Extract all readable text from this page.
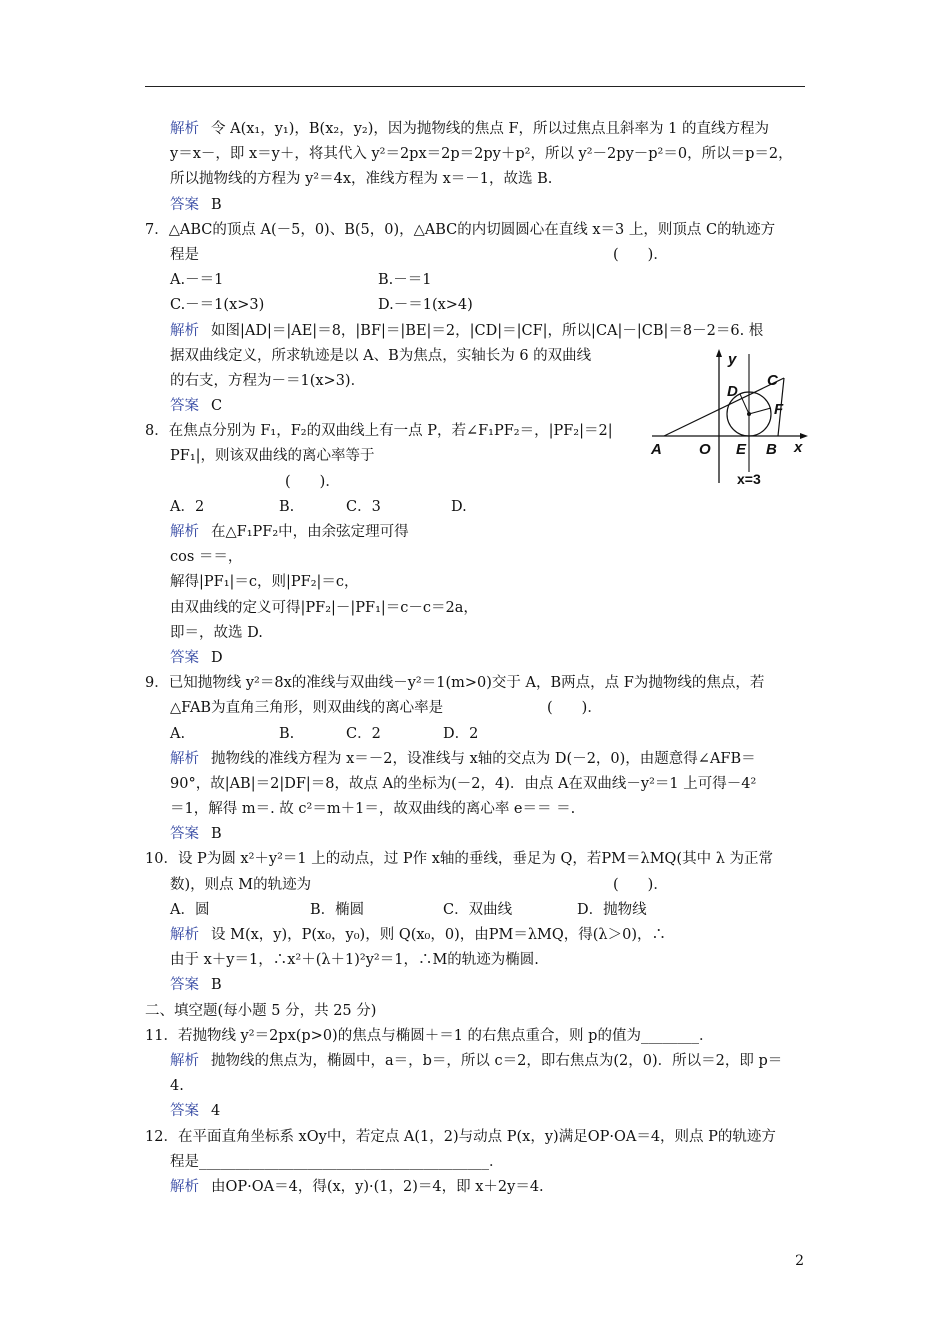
解析 令 A(x₁，y₁)，B(x₂，y₂)，因为抛物线的焦点 F，所以过焦点且斜率为 1 的直线方程为
y＝x－，即 x＝y＋，将其代入 y²＝2px＝2p＝2py＋p²，所以 y²－2py－p²＝0，所以＝p＝2，
所以抛物线的方程为 y²＝4x，准线方程为 x＝－1，故选 B.
答案 B
7．△ABC的顶点 A(－5，0)、B(5，0)，△ABC的内切圆圆心在直线 x＝3 上，则顶点 C的轨迹方
程是	(　　)．
A.－＝1	B.－＝1
C.－＝1(x>3)	D.－＝1(x>4)
解析 如图|AD|＝|AE|＝8，|BF|＝|BE|＝2，|CD|＝|CF|，所以|CA|－|CB|＝8－2＝6. 根
据双曲线定义，所求轨迹是以 A、B为焦点，实轴长为 6 的双曲线
的右支，方程为－＝1(x>3)．
答案 C
8．在焦点分别为 F₁，F₂的双曲线上有一点 P，若∠F₁PF₂＝，|PF₂|＝2|
PF₁|，则该双曲线的离心率等于
(　　)．
A．2	B.	C．3	D.
解析 在△F₁PF₂中，由余弦定理可得
cos ＝＝，
解得|PF₁|＝c，则|PF₂|＝c，
由双曲线的定义可得|PF₂|－|PF₁|＝c－c＝2a，
即＝，故选 D.
答案 D
9．已知抛物线 y²＝8x的准线与双曲线－y²＝1(m>0)交于 A，B两点，点 F为抛物线的焦点，若
△FAB为直角三角形，则双曲线的离心率是	(　　)．
A.	B.	C．2	D．2
解析 抛物线的准线方程为 x＝－2，设准线与 x轴的交点为 D(－2，0)，由题意得∠AFB＝
90°，故|AB|＝2|DF|＝8，故点 A的坐标为(－2，4)．由点 A在双曲线－y²＝1 上可得－4²
＝1，解得 m＝. 故 c²＝m＋1＝，故双曲线的离心率 e＝＝ ＝.
答案 B
10．设 P为圆 x²＋y²＝1 上的动点，过 P作 x轴的垂线，垂足为 Q，若PM＝λMQ(其中 λ 为正常
数)，则点 M的轨迹为	(　　)．
A．圆	B．椭圆	C．双曲线	D．抛物线
解析 设 M(x，y)，P(x₀，y₀)，则 Q(x₀，0)，由PM＝λMQ，得(λ＞0)，∴
由于 x＋y＝1，∴x²＋(λ＋1)²y²＝1，∴M的轨迹为椭圆.
答案 B
二、填空题(每小题 5 分，共 25 分)
11．若抛物线 y²＝2px(p>0)的焦点与椭圆＋＝1 的右焦点重合，则 p的值为________．
解析 抛物线的焦点为，椭圆中，a＝，b＝，所以 c＝2，即右焦点为(2，0)．所以＝2，即 p＝
4.
答案 4
12．在平面直角坐标系 xOy中，若定点 A(1，2)与动点 P(x，y)满足OP·OA＝4，则点 P的轨迹方
程是________________________________________．
解析 由OP·OA＝4，得(x，y)·(1，2)＝4，即 x＋2y＝4.
y
x
A O E B
C
D
F
x=3
2
